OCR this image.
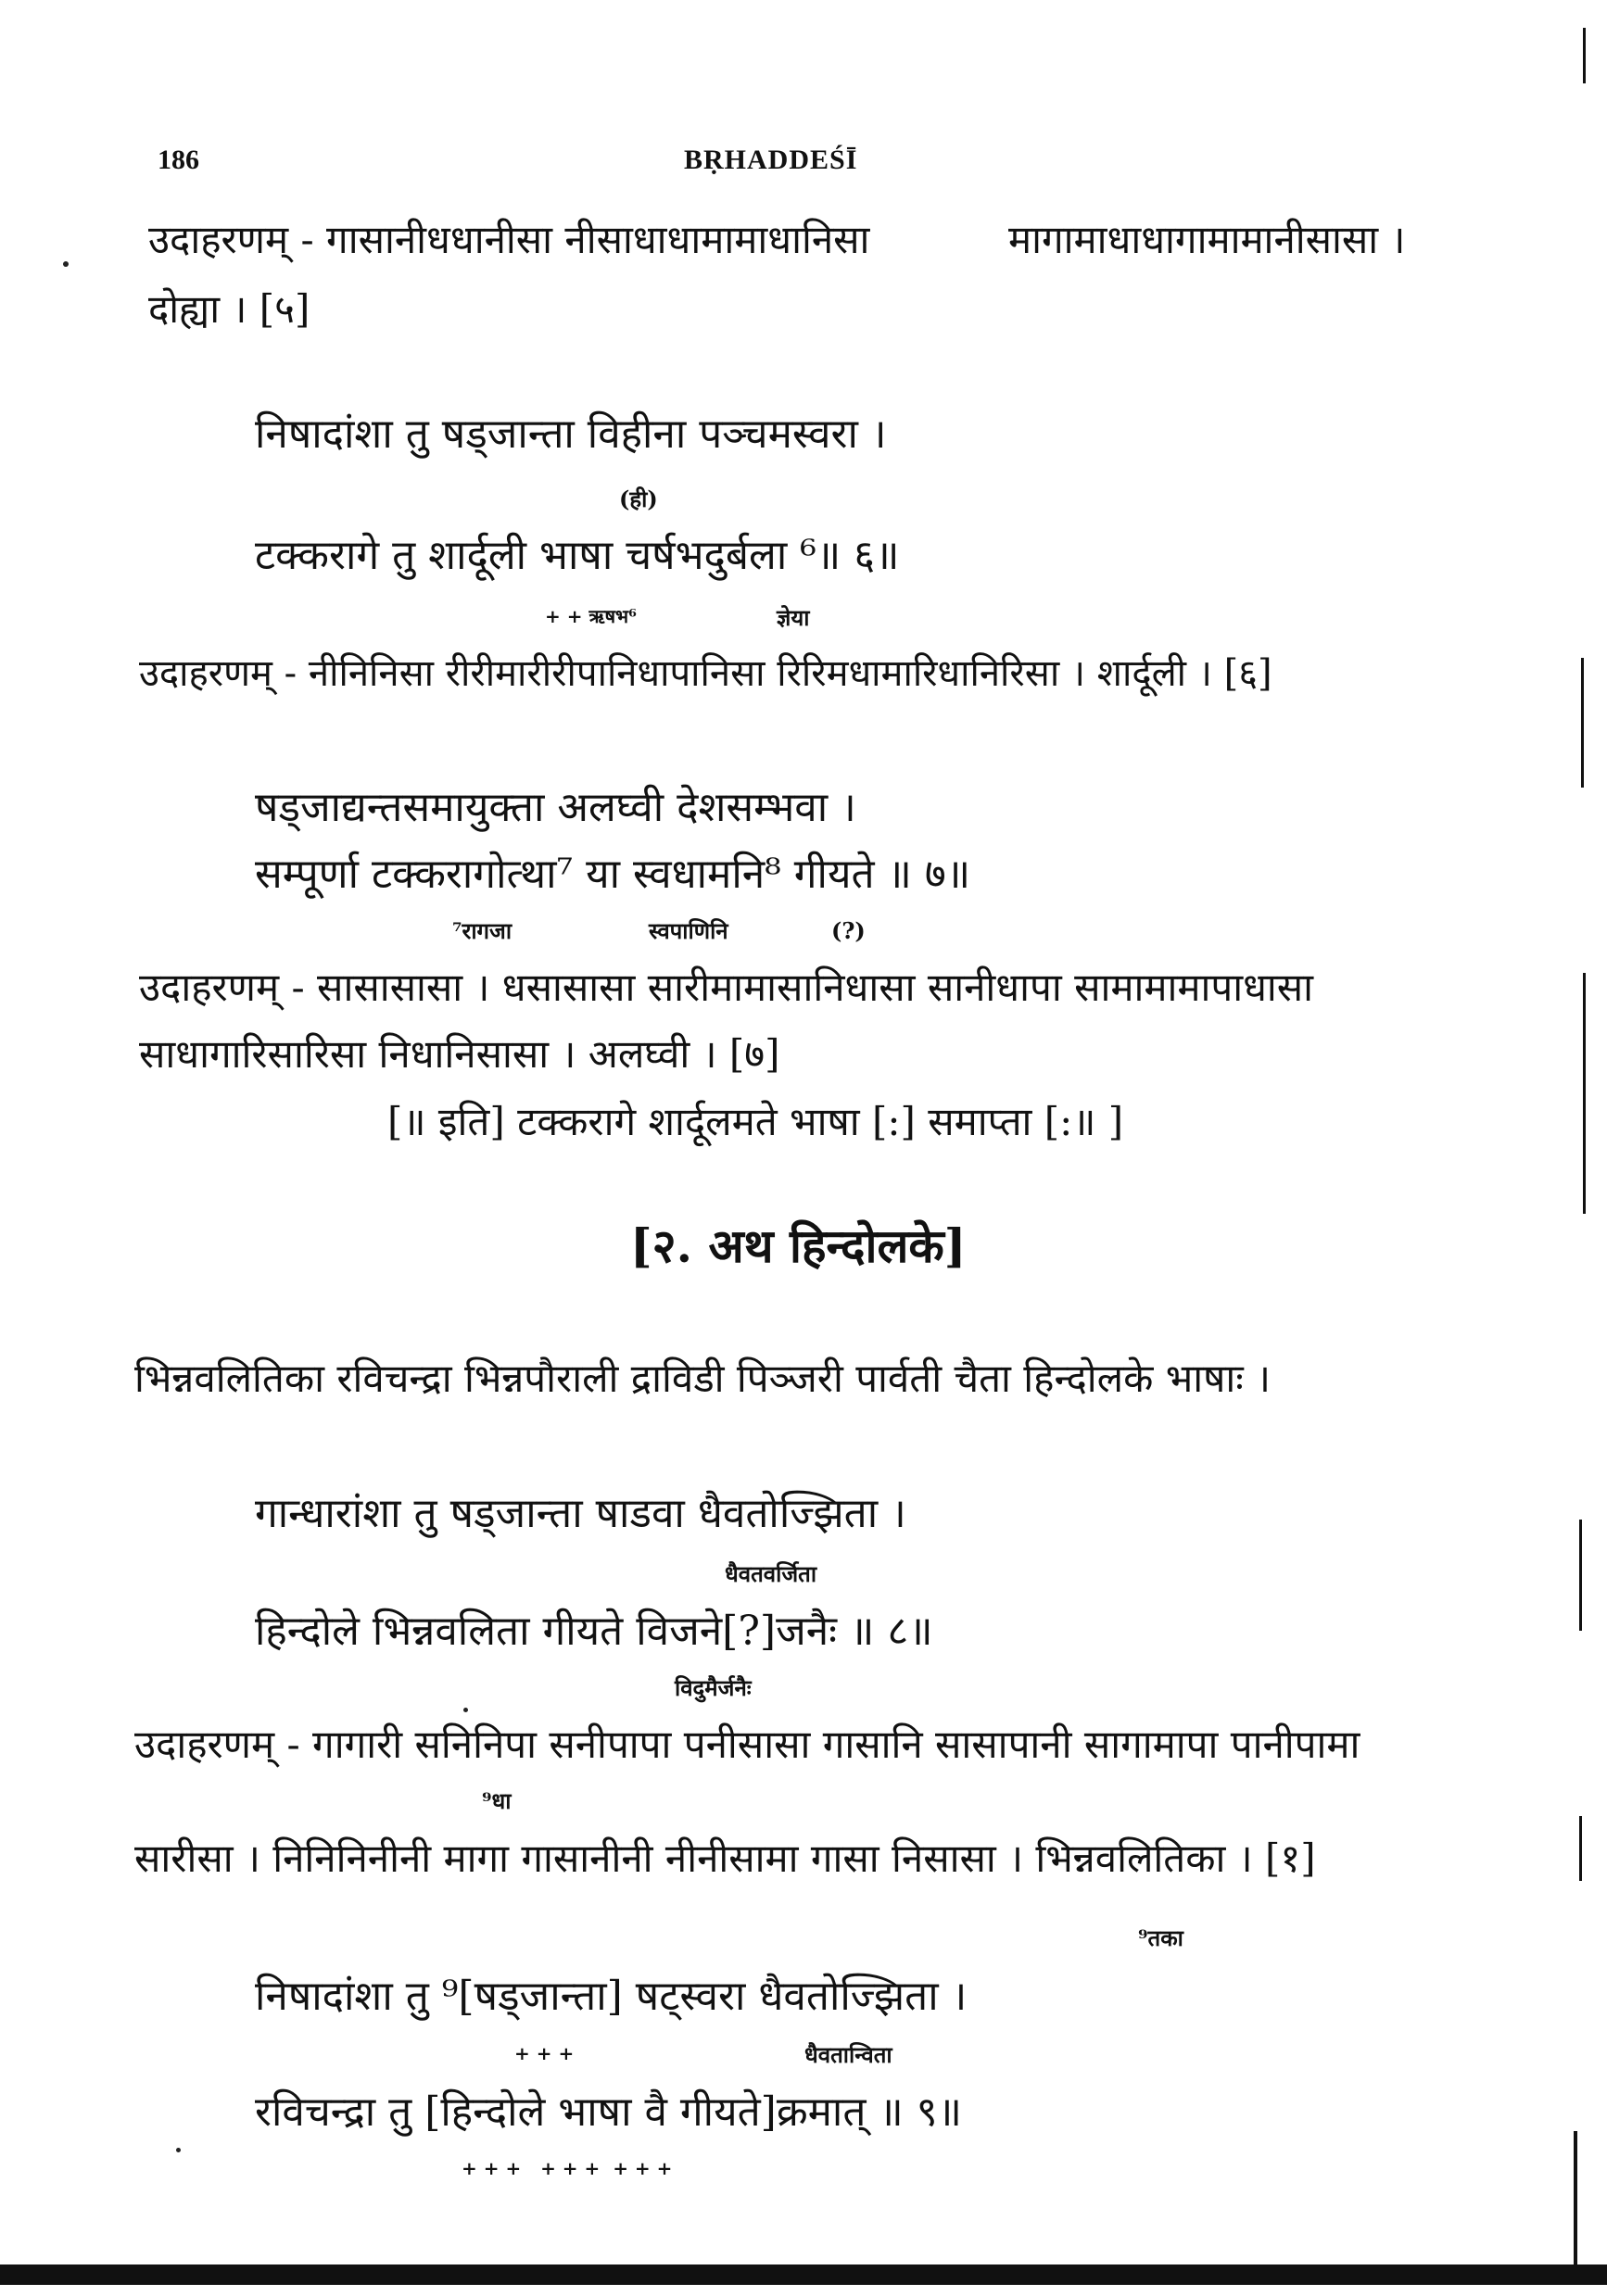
186	BṚHADDEŚĪ
उदाहरणम् - गासानीधधानीसा नीसाधाधामामाधानिसा	मागामाधाधागामामानीसासा ।
दोह्या । [५]
निषादांशा तु षड्जान्ता विहीना पञ्चमस्वरा ।
(ही)
टक्करागे तु शार्दूली भाषा चर्षभदुर्बला ⁶॥ ६॥
+ + ऋषभ⁶	ज्ञेया
उदाहरणम् - नीनिनिसा रीरीमारीरीपानिधापानिसा रिरिमधामारिधानिरिसा । शार्दूली । [६]
षड्जाद्यन्तसमायुक्ता अलघ्वी देशसम्भवा ।
सम्पूर्णा टक्करागोत्था⁷ या स्वधामनि⁸ गीयते ॥ ७॥
⁷रागजा	स्वपाणिनि	(?)
उदाहरणम् - सासासासा । धसासासा सारीमामासानिधासा सानीधापा सामामामापाधासा
साधागारिसारिसा निधानिसासा । अलघ्वी । [७]
[॥ इति] टक्करागे शार्दूलमते भाषा [:] समाप्ता [:॥ ]
[२. अथ हिन्दोलके]
भिन्नवलितिका रविचन्द्रा भिन्नपौराली द्राविडी पिञ्जरी पार्वती चैता हिन्दोलके भाषाः ।
गान्धारांशा तु षड्जान्ता षाडवा धैवतोज्झिता ।
धैवतवर्जिता
हिन्दोले भिन्नवलिता गीयते विजने[?]जनैः ॥ ८॥
विदुमैर्जनैः
उदाहरणम् - गागारी सनिनिपा सनीपापा पनीसासा गासानि सासापानी सागामापा पानीपामा
⁹धा
सारीसा । निनिनिनीनी मागा गासानीनी नीनीसामा गासा निसासा । भिन्नवलितिका । [१]
⁹तका
निषादांशा तु ⁹[षड्जान्ता] षट्स्वरा धैवतोज्झिता ।
+ + +	धैवतान्विता
रविचन्द्रा तु [हिन्दोले भाषा वै गीयते]क्रमात् ॥ ९॥
+ + +   + + +  + + +
